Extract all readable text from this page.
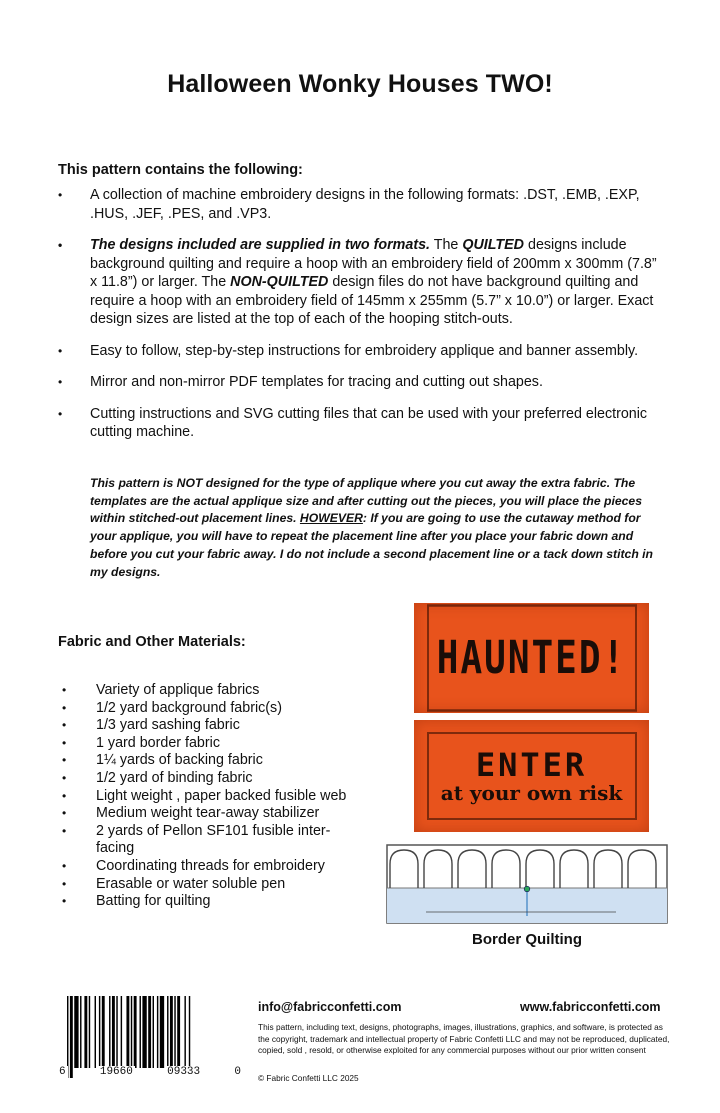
Halloween Wonky Houses TWO!
This pattern contains the following:
• A collection of machine embroidery designs in the following formats: .DST, .EMB, .EXP, .HUS, .JEF, .PES, and .VP3.
• The designs included are supplied in two formats. The QUILTED designs include background quilting and require a hoop with an embroidery field of 200mm x 300mm (7.8” x 11.8”) or larger. The NON-QUILTED design files do not have background quilting and require a hoop with an embroidery field of 145mm x 255mm (5.7” x 10.0”) or larger. Exact design sizes are listed at the top of each of the hooping stitch-outs.
• Easy to follow, step-by-step instructions for embroidery applique and banner assembly.
• Mirror and non-mirror PDF templates for tracing and cutting out shapes.
• Cutting instructions and SVG cutting files that can be used with your preferred electronic cutting machine.
This pattern is NOT designed for the type of applique where you cut away the extra fabric. The templates are the actual applique size and after cutting out the pieces, you will place the pieces within stitched-out placement lines. HOWEVER: If you are going to use the cutaway method for your applique, you will have to repeat the placement line after you place your fabric down and before you cut your fabric away. I do not include a second placement line or a tack down stitch in my designs.
Fabric and Other Materials:
• Variety of applique fabrics
• 1/2 yard background fabric(s)
• 1/3 yard sashing fabric
• 1 yard border fabric
• 1¼ yards of backing fabric
• 1/2 yard of binding fabric
• Light weight , paper backed fusible web
• Medium weight tear-away stabilizer
• 2 yards of Pellon SF101 fusible inter-facing
• Coordinating threads for embroidery
• Erasable or water soluble pen
• Batting for quilting
HAUNTED!
ENTER
at your own risk
Border Quilting
6	19660	09333	0
info@fabricconfetti.com	www.fabricconfetti.com
This pattern, including text, designs, photographs, images, illustrations, graphics, and software, is protected as the copyright, trademark and intellectual property of Fabric Confetti LLC and may not be reproduced, duplicated, copied, sold , resold, or otherwise exploited for any commercial purposes without our prior written consent
© Fabric Confetti LLC 2025
